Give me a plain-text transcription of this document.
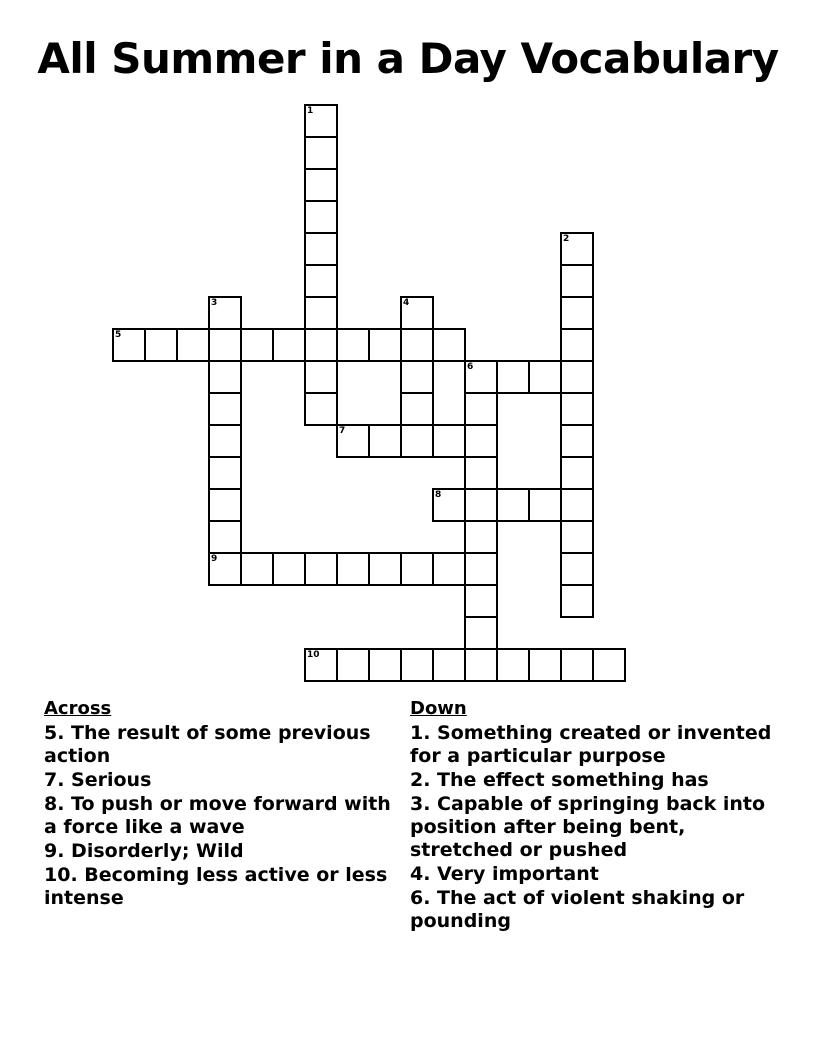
All Summer in a Day Vocabulary
1
2
3	4
5
6
7
8
9
10
Across
5. The result of some previous action
7. Serious
8. To push or move forward with a force like a wave
9. Disorderly; Wild
10. Becoming less active or less intense
Down
1. Something created or invented for a particular purpose
2. The effect something has
3. Capable of springing back into position after being bent, stretched or pushed
4. Very important
6. The act of violent shaking or pounding
